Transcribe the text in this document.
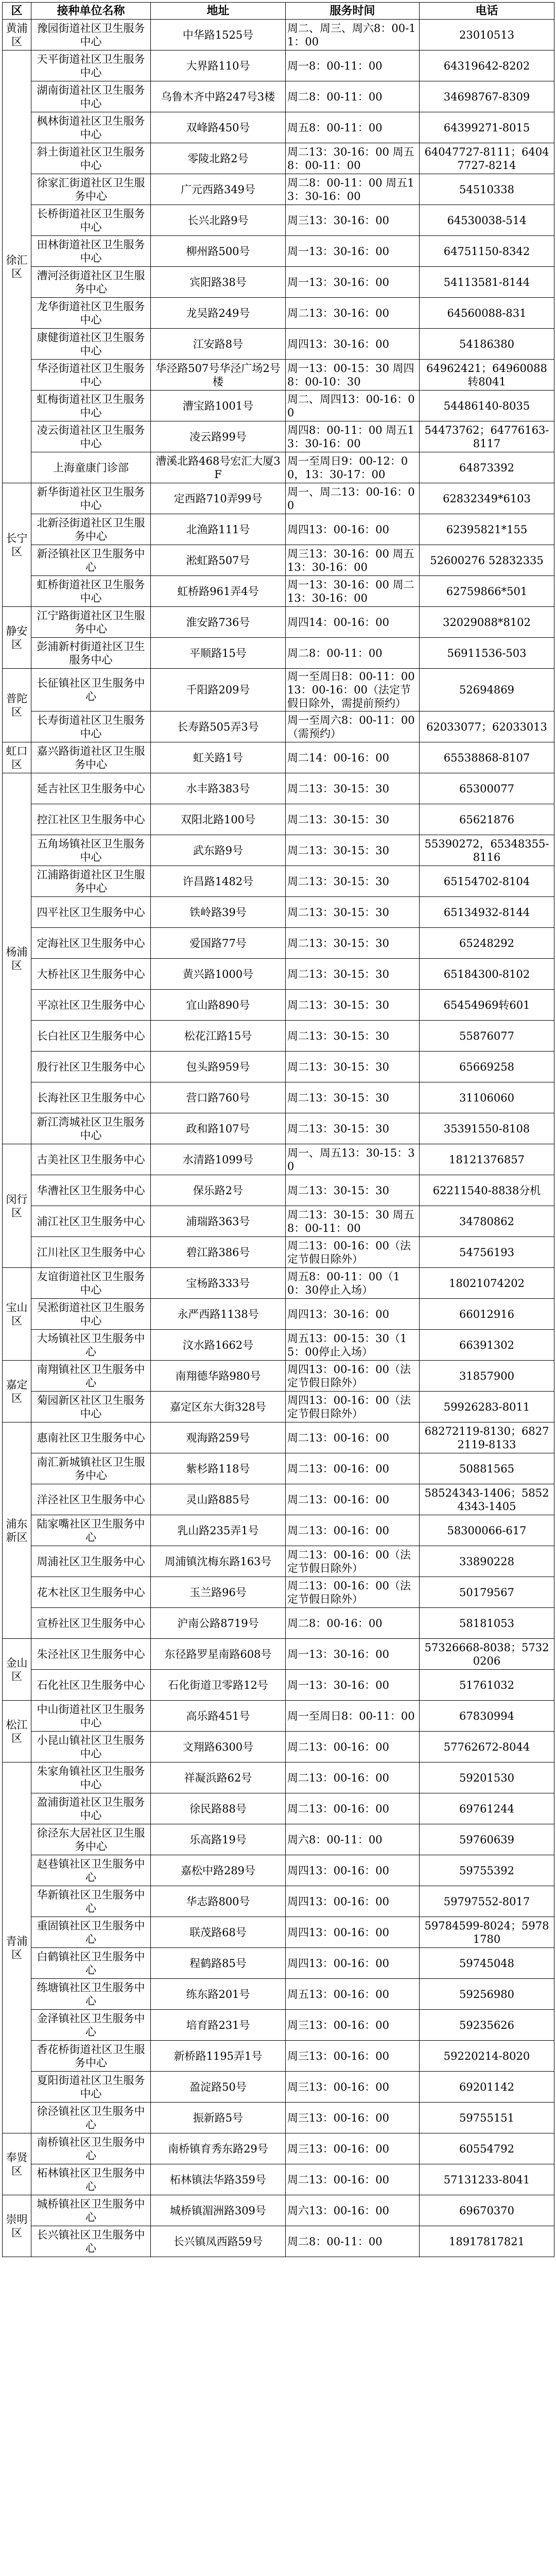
区	接种单位名称	地址	服务时间	电话
黄浦区	豫园街道社区卫生服务中心	中华路1525号	周二、周三、周六8：00-11：00	23010513
徐汇区	天平街道社区卫生服务中心	大界路110号	周一8：00-11：00	64319642-8202
	湖南街道社区卫生服务中心	乌鲁木齐中路247号3楼	周二8：00-11：00	34698767-8309
	枫林街道社区卫生服务中心	双峰路450号	周五8：00-11：00	64399271-8015
	斜土街道社区卫生服务中心	零陵北路2号	周二13：30-16：00 周五8：00-11：00	64047727-8111；64047727-8214
	徐家汇街道社区卫生服务中心	广元西路349号	周二8：00-11：00 周五13：30-16：00	54510338
	长桥街道社区卫生服务中心	长兴北路9号	周三13：30-16：00	64530038-514
	田林街道社区卫生服务中心	柳州路500号	周一13：30-16：00	64751150-8342
	漕河泾街道社区卫生服务中心	宾阳路38号	周一13：30-16：00	54113581-8144
	龙华街道社区卫生服务中心	龙吴路249号	周二13：30-16：00	64560088-831
	康健街道社区卫生服务中心	江安路8号	周四13：30-16：00	54186380
	华泾街道社区卫生服务中心	华泾路507号华泾广场2号楼	周一13：00-15：30 周四8：00-10：30	64962421；64960088转8041
	虹梅街道社区卫生服务中心	漕宝路1001号	周二、周四13：00-16：00	54486140-8035
	凌云街道社区卫生服务中心	凌云路99号	周四8：00-11：00 周五13：30-16：00	54473762；64776163-8117
	上海童康门诊部	漕溪北路468号宏汇大厦3F	周一至周日9：00-12：00，13：30-17：00	64873392
长宁区	新华街道社区卫生服务中心	定西路710弄99号	周一、周二13：00-16：00	62832349*6103
	北新泾街道社区卫生服务中心	北渔路111号	周四13：00-16：00	62395821*155
	新泾镇社区卫生服务中心	淞虹路507号	周三13：30-16：00 周五13：30-16：00	52600276 52832335
	虹桥街道社区卫生服务中心	虹桥路961弄4号	周一13：30-16：00 周二13：30-16：00	62759866*501
静安区	江宁路街道社区卫生服务中心	淮安路736号	周四14：00-16：00	32029088*8102
	彭浦新村街道社区卫生服务中心	平顺路15号	周二8：00-11：00	56911536-503
普陀区	长征镇社区卫生服务中心	千阳路209号	周一至周日8：00-11：00 13：00-16：00（法定节假日除外，需提前预约）	52694869
	长寿街道社区卫生服务中心	长寿路505弄3号	周一至周六8：00-11：00（需预约）	62033077；62033013
虹口区	嘉兴路街道社区卫生服务中心	虹关路1号	周二14：00-16：00	65538868-8107
杨浦区	延吉社区卫生服务中心	水丰路383号	周二13：30-15：30	65300077
	控江社区卫生服务中心	双阳北路100号	周二13：30-15：30	65621876
	五角场镇社区卫生服务中心	武东路9号	周二13：30-15：30	55390272，65348355-8116
	江浦路街道社区卫生服务中心	许昌路1482号	周二13：30-15：30	65154702-8104
	四平社区卫生服务中心	铁岭路39号	周二13：30-15：30	65134932-8144
	定海社区卫生服务中心	爱国路77号	周二13：30-15：30	65248292
	大桥社区卫生服务中心	黄兴路1000号	周二13：30-15：30	65184300-8102
	平凉社区卫生服务中心	宜山路890号	周二13：30-15：30	65454969转601
	长白社区卫生服务中心	松花江路15号	周二13：30-15：30	55876077
	殷行社区卫生服务中心	包头路959号	周二13：30-15：30	65669258
	长海社区卫生服务中心	营口路760号	周二13：30-15：30	31106060
	新江湾城社区卫生服务中心	政和路107号	周二13：30-15：30	35391550-8108
闵行区	古美社区卫生服务中心	水清路1099号	周一、周五13：30-15：30	18121376857
	华漕社区卫生服务中心	保乐路2号	周二13：30-15：30	62211540-8838分机
	浦江社区卫生服务中心	浦瑞路363号	周二13：30-15：30 周五8：00-11：00	34780862
	江川社区卫生服务中心	碧江路386号	周二13：00-16：00（法定节假日除外）	54756193
宝山区	友谊街道社区卫生服务中心	宝杨路333号	周五8：00-11：00（10：30停止入场）	18021074202
	吴淞街道社区卫生服务中心	永严西路1138号	周四13：30-16：00	66012916
	大场镇社区卫生服务中心	汶水路1662号	周五13：00-15：30（15：00停止入场）	66391302
嘉定区	南翔镇社区卫生服务中心	南翔德华路980号	周四13：00-16：00（法定节假日除外）	31857900
	菊园新区社区卫生服务中心	嘉定区东大街328号	周四13：00-16：00（法定节假日除外）	59926283-8011
浦东新区	惠南社区卫生服务中心	观海路259号	周二13：00-16：00	68272119-8130；68272119-8133
	南汇新城镇社区卫生服务中心	紫杉路118号	周二13：00-16：00	50881565
	洋泾社区卫生服务中心	灵山路885号	周二13：00-16：00	58524343-1406；58524343-1405
	陆家嘴社区卫生服务中心	乳山路235弄1号	周二13：00-16：00	58300066-617
	周浦社区卫生服务中心	周浦镇沈梅东路163号	周二13：00-16：00（法定节假日除外）	33890228
	花木社区卫生服务中心	玉兰路96号	周二13：00-16：00（法定节假日除外）	50179567
	宣桥社区卫生服务中心	沪南公路8719号	周二8：00-16：00	58181053
金山区	朱泾社区卫生服务中心	东径路罗星南路608号	周一13：30-16：00	57326668-8038；57320206
	石化社区卫生服务中心	石化街道卫零路12号	周一13：30-16：00	51761032
松江区	中山街道社区卫生服务中心	高乐路451号	周一至周日8：00-11：00	67830994
	小昆山镇社区卫生服务中心	文翔路6300号	周二13：00-16：00	57762672-8044
青浦区	朱家角镇社区卫生服务中心	祥凝浜路62号	周二13：00-16：00	59201530
	盈浦街道社区卫生服务中心	徐民路88号	周二13：00-16：00	69761244
	徐泾东大居社区卫生服务中心	乐高路19号	周六8：00-11：00	59760639
	赵巷镇社区卫生服务中心	嘉松中路289号	周四13：00-16：00	59755392
	华新镇社区卫生服务中心	华志路800号	周四13：00-16：00	59797552-8017
	重固镇社区卫生服务中心	联茂路68号	周四13：00-16：00	59784599-8024；59781780
	白鹤镇社区卫生服务中心	程鹤路85号	周四13：00-16：00	59745048
	练塘镇社区卫生服务中心	练东路201号	周五13：00-16：00	59256980
	金泽镇社区卫生服务中心	培育路231号	周三13：00-16：00	59235626
	香花桥街道社区卫生服务中心	新桥路1195弄1号	周三13：00-16：00	59220214-8020
	夏阳街道社区卫生服务中心	盈淀路50号	周三13：00-16：00	69201142
	徐泾镇社区卫生服务中心	振新路5号	周三13：00-16：00	59755151
奉贤区	南桥镇社区卫生服务中心	南桥镇育秀东路29号	周三13：00-16：00	60554792
	柘林镇社区卫生服务中心	柘林镇法华路359号	周二13：00-16：00	57131233-8041
崇明区	城桥镇社区卫生服务中心	城桥镇湄洲路309号	周六13：00-16：00	69670370
	长兴镇社区卫生服务中心	长兴镇凤西路59号	周二8：00-11：00	18917817821
